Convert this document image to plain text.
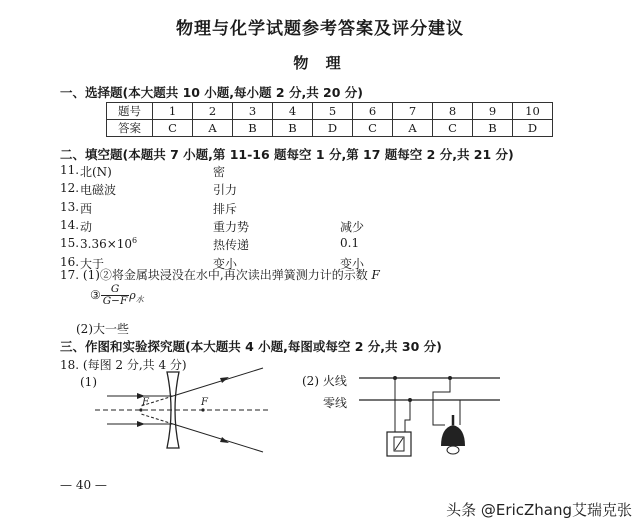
物理与化学试题参考答案及评分建议
物 理
一、选择题(本大题共 10 小题,每小题 2 分,共 20 分)
题号	1	2	3	4	5	6	7	8	9	10
答案	C	A	B	B	D	C	A	C	B	D
二、填空题(本题共 7 小题,第 11-16 题每空 1 分,第 17 题每空 2 分,共 21 分)
11. 北(N)	密
12. 电磁波	引力
13. 西	排斥
14. 动	重力势	减少
15. $3.36\times 10^6$	热传递	0.1
16. 大于	变小	变小
17. (1)②将金属块浸没在水中,再次读出弹簧测力计的示数 F
③ $\frac{G}{G-F} \rho_水$
(2)大一些
三、作图和实验探究题(本大题共 4 小题,每图或每空 2 分,共 30 分)
18. (每图 2 分,共 4 分)
(1)
F	F
(2) 火线
零线
— 40 —
头条 @EricZhang艾瑞克张
